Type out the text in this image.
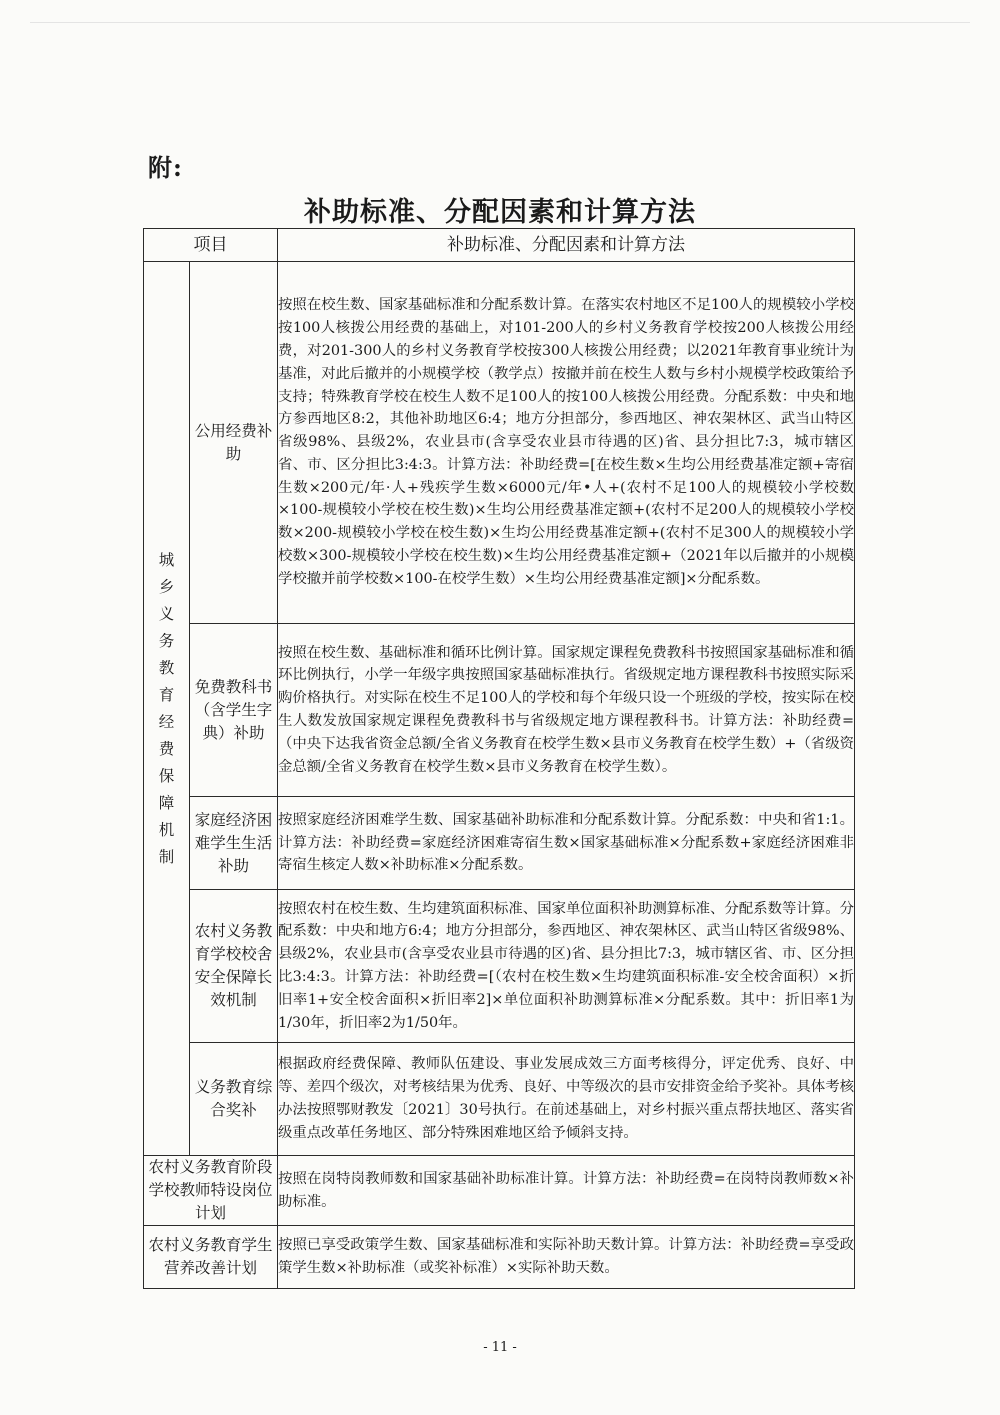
附:
补助标准、分配因素和计算方法
项目		补助标准、分配因素和计算方法

城乡义务教育经费保障机制	公用经费补助	按照在校生数、国家基础标准和分配系数计算。在落实农村地区不足100人的规模较小学校按100人核拨公用经费的基础上，对101-200人的乡村义务教育学校按200人核拨公用经费，对201-300人的乡村义务教育学校按300人核拨公用经费；以2021年教育事业统计为基准，对此后撤并的小规模学校（教学点）按撤并前在校生人数与乡村小规模学校政策给予支持；特殊教育学校在校生人数不足100人的按100人核拨公用经费。分配系数：中央和地方参西地区8:2，其他补助地区6:4；地方分担部分，参西地区、神农架林区、武当山特区省级98%、县级2%，农业县市(含享受农业县市待遇的区)省、县分担比7:3，城市辖区省、市、区分担比3:4:3。计算方法：补助经费=[在校生数×生均公用经费基准定额+寄宿生数×200元/年·人+残疾学生数×6000元/年•人+(农村不足100人的规模较小学校数×100-规模较小学校在校生数)×生均公用经费基准定额+(农村不足200人的规模较小学校数×200-规模较小学校在校生数)×生均公用经费基准定额+(农村不足300人的规模较小学校数×300-规模较小学校在校生数)×生均公用经费基准定额+（2021年以后撤并的小规模学校撤并前学校数×100-在校学生数）×生均公用经费基准定额]×分配系数。
	免费教科书（含学生字典）补助	按照在校生数、基础标准和循环比例计算。国家规定课程免费教科书按照国家基础标准和循环比例执行，小学一年级字典按照国家基础标准执行。省级规定地方课程教科书按照实际采购价格执行。对实际在校生不足100人的学校和每个年级只设一个班级的学校，按实际在校生人数发放国家规定课程免费教科书与省级规定地方课程教科书。计算方法：补助经费=（中央下达我省资金总额/全省义务教育在校学生数×县市义务教育在校学生数）+（省级资金总额/全省义务教育在校学生数×县市义务教育在校学生数）。
	家庭经济困难学生生活补助	按照家庭经济困难学生数、国家基础补助标准和分配系数计算。分配系数：中央和省1:1。计算方法：补助经费=家庭经济困难寄宿生数×国家基础标准×分配系数+家庭经济困难非寄宿生核定人数×补助标准×分配系数。
	农村义务教育学校校舍安全保障长效机制	按照农村在校生数、生均建筑面积标准、国家单位面积补助测算标准、分配系数等计算。分配系数：中央和地方6:4；地方分担部分，参西地区、神农架林区、武当山特区省级98%、县级2%，农业县市(含享受农业县市待遇的区)省、县分担比7:3，城市辖区省、市、区分担比3:4:3。计算方法：补助经费=[（农村在校生数×生均建筑面积标准-安全校舍面积）×折旧率1+安全校舍面积×折旧率2]×单位面积补助测算标准×分配系数。其中：折旧率1为1/30年，折旧率2为1/50年。
	义务教育综合奖补	根据政府经费保障、教师队伍建设、事业发展成效三方面考核得分，评定优秀、良好、中等、差四个级次，对考核结果为优秀、良好、中等级次的县市安排资金给予奖补。具体考核办法按照鄂财教发〔2021〕30号执行。在前述基础上，对乡村振兴重点帮扶地区、落实省级重点改革任务地区、部分特殊困难地区给予倾斜支持。
农村义务教育阶段学校教师特设岗位计划		按照在岗特岗教师数和国家基础补助标准计算。计算方法：补助经费=在岗特岗教师数×补助标准。
农村义务教育学生营养改善计划		按照已享受政策学生数、国家基础标准和实际补助天数计算。计算方法：补助经费=享受政策学生数×补助标准（或奖补标准）×实际补助天数。
- 11 -
